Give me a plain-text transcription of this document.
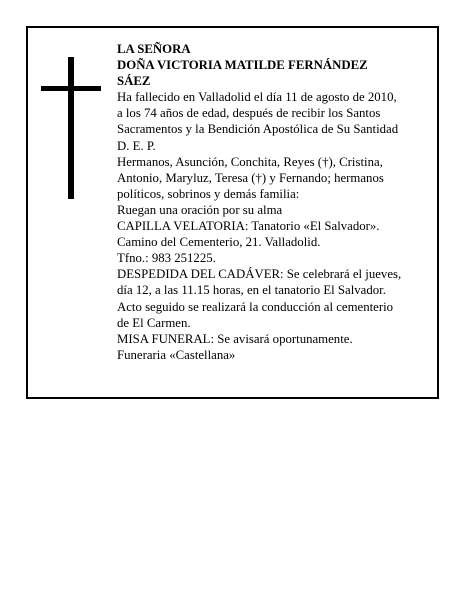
LA SEÑORA
DOÑA VICTORIA MATILDE FERNÁNDEZ
SÁEZ
Ha fallecido en Valladolid el día 11 de agosto de 2010,
a los 74 años de edad, después de recibir los Santos
Sacramentos y la Bendición Apostólica de Su Santidad
D. E. P.
Hermanos, Asunción, Conchita, Reyes (†), Cristina,
Antonio, Maryluz, Teresa (†) y Fernando; hermanos
políticos, sobrinos y demás familia:
Ruegan una oración por su alma
CAPILLA VELATORIA: Tanatorio «El Salvador».
Camino del Cementerio, 21. Valladolid.
Tfno.: 983 251225.
DESPEDIDA DEL CADÁVER: Se celebrará el jueves,
día 12, a las 11.15 horas, en el tanatorio El Salvador.
Acto seguido se realizará la conducción al cementerio
de El Carmen.
MISA FUNERAL: Se avisará oportunamente.
Funeraria «Castellana»
